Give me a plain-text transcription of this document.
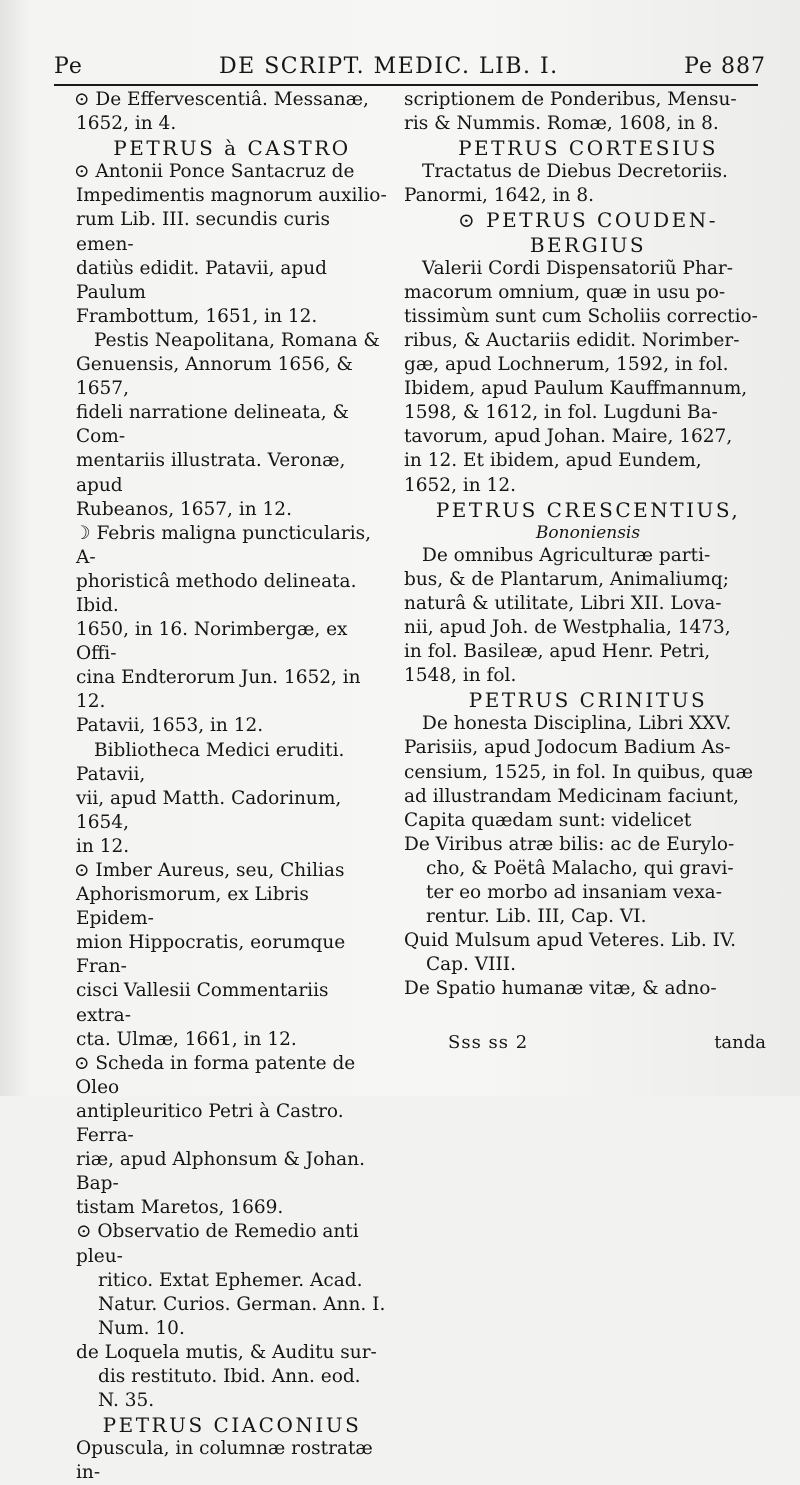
Pe	DE SCRIPT. MEDIC. LIB. I.	Pe 887

⊙ De Effervescentiâ. Messanæ,

1652, in 4.

PETRUS à CASTRO

⊙ Antonii Ponce Santacruz de

Impedimentis magnorum auxilio-

rum Lib. III. secundis curis emen-

datiùs edidit. Patavii, apud Paulum

Frambottum, 1651, in 12.

Pestis Neapolitana, Romana &

Genuensis, Annorum 1656, & 1657,

fideli narratione delineata, & Com-

mentariis illustrata. Veronæ, apud

Rubeanos, 1657, in 12.

☽ Febris maligna puncticularis, A-

phoristicâ methodo delineata. Ibid.

1650, in 16. Norimbergæ, ex Offi-

cina Endterorum Jun. 1652, in 12.

Patavii, 1653, in 12.

Bibliotheca Medici eruditi. Patavii,

vii, apud Matth. Cadorinum, 1654,

in 12.

⊙ Imber Aureus, seu, Chilias

Aphorismorum, ex Libris Epidem-

mion Hippocratis, eorumque Fran-

cisci Vallesii Commentariis extra-

cta. Ulmæ, 1661, in 12.

⊙ Scheda in forma patente de Oleo

antipleuritico Petri à Castro. Ferra-

riæ, apud Alphonsum & Johan. Bap-

tistam Maretos, 1669.

⊙ Observatio de Remedio anti pleu-

ritico. Extat Ephemer. Acad.

Natur. Curios. German. Ann. I.

Num. 10.

de Loquela mutis, & Auditu sur-

dis restituto. Ibid. Ann. eod.

N. 35.

PETRUS CIACONIUS

Opuscula, in columnæ rostratæ in-

scriptionem de Ponderibus, Mensu-

ris & Nummis. Romæ, 1608, in 8.

PETRUS CORTESIUS

Tractatus de Diebus Decretoriis.

Panormi, 1642, in 8.

⊙ PETRUS COUDEN-

BERGIUS

Valerii Cordi Dispensatoriũ Phar-

macorum omnium, quæ in usu po-

tissimùm sunt cum Scholiis correctio-

ribus, & Auctariis edidit. Norimber-

gæ, apud Lochnerum, 1592, in fol.

Ibidem, apud Paulum Kauffmannum,

1598, & 1612, in fol. Lugduni Ba-

tavorum, apud Johan. Maire, 1627,

in 12. Et ibidem, apud Eundem,

1652, in 12.

PETRUS CRESCENTIUS,

Bononiensis

De omnibus Agriculturæ parti-

bus, & de Plantarum, Animaliumq;

naturâ & utilitate, Libri XII. Lova-

nii, apud Joh. de Westphalia, 1473,

in fol. Basileæ, apud Henr. Petri,

1548, in fol.

PETRUS CRINITUS

De honesta Disciplina, Libri XXV.

Parisiis, apud Jodocum Badium As-

censium, 1525, in fol. In quibus, quæ

ad illustrandam Medicinam faciunt,

Capita quædam sunt: videlicet

De Viribus atræ bilis: ac de Eurylo-

cho, & Poëtâ Malacho, qui gravi-

ter eo morbo ad insaniam vexa-

rentur. Lib. III, Cap. VI.

Quid Mulsum apud Veteres. Lib. IV.

Cap. VIII.

De Spatio humanæ vitæ, & adno-

Sss ss 2	tanda
